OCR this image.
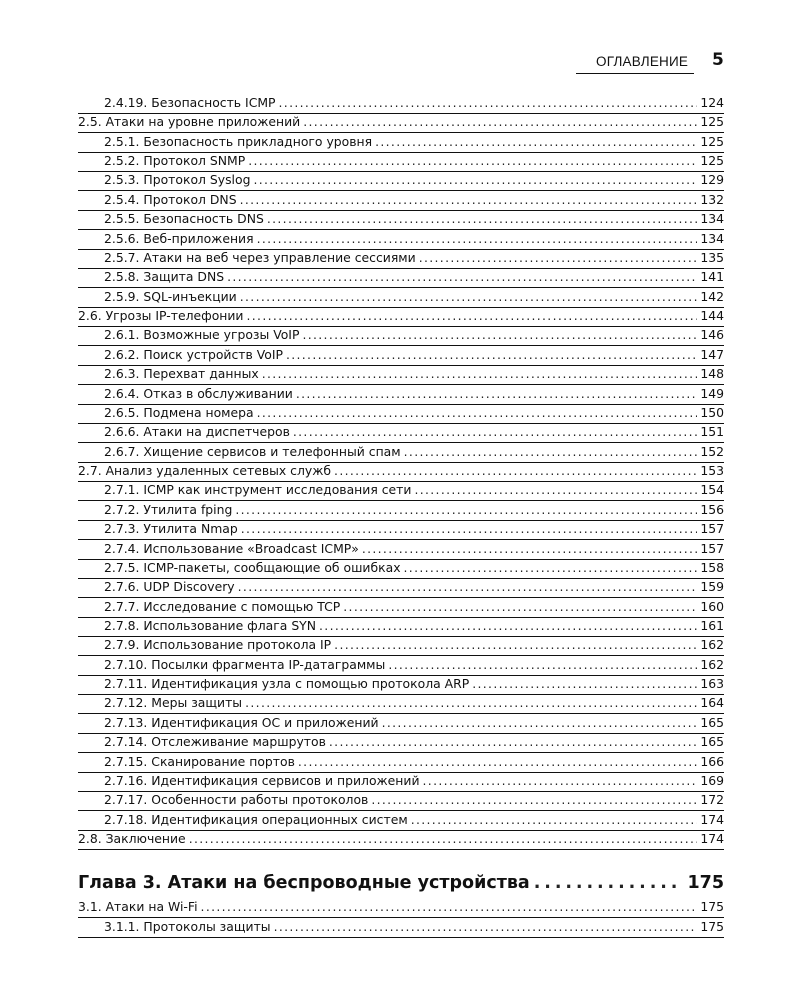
ОГЛАВЛЕНИЕ 5
2.4.19. Безопасность ICMP . . .	124
2.5. Атаки на уровне приложений . . .	125
2.5.1. Безопасность прикладного уровня . . .	125
2.5.2. Протокол SNMP . . .	125
2.5.3. Протокол Syslog . . .	129
2.5.4. Протокол DNS . . .	132
2.5.5. Безопасность DNS . . .	134
2.5.6. Веб-приложения . . .	134
2.5.7. Атаки на веб через управление сессиями . . .	135
2.5.8. Защита DNS . . .	141
2.5.9. SQL-инъекции . . .	142
2.6. Угрозы IP-телефонии . . .	144
2.6.1. Возможные угрозы VoIP . . .	146
2.6.2. Поиск устройств VoIP . . .	147
2.6.3. Перехват данных . . .	148
2.6.4. Отказ в обслуживании . . .	149
2.6.5. Подмена номера . . .	150
2.6.6. Атаки на диспетчеров . . .	151
2.6.7. Хищение сервисов и телефонный спам . . .	152
2.7. Анализ удаленных сетевых служб . . .	153
2.7.1. ICMP как инструмент исследования сети . . .	154
2.7.2. Утилита fping . . .	156
2.7.3. Утилита Nmap . . .	157
2.7.4. Использование «Broadcast ICMP» . . .	157
2.7.5. ICMP-пакеты, сообщающие об ошибках . . .	158
2.7.6. UDP Discovery . . .	159
2.7.7. Исследование с помощью TCP . . .	160
2.7.8. Использование флага SYN . . .	161
2.7.9. Использование протокола IP . . .	162
2.7.10. Посылки фрагмента IP-датаграммы . . .	162
2.7.11. Идентификация узла с помощью протокола ARP . . .	163
2.7.12. Меры защиты . . .	164
2.7.13. Идентификация ОС и приложений . . .	165
2.7.14. Отслеживание маршрутов . . .	165
2.7.15. Сканирование портов . . .	166
2.7.16. Идентификация сервисов и приложений . . .	169
2.7.17. Особенности работы протоколов . . .	172
2.7.18. Идентификация операционных систем . . .	174
2.8. Заключение . . .	174
Глава 3. Атаки на беспроводные устройства . . .	175
3.1. Атаки на Wi-Fi . . .	175
3.1.1. Протоколы защиты . . .	175
